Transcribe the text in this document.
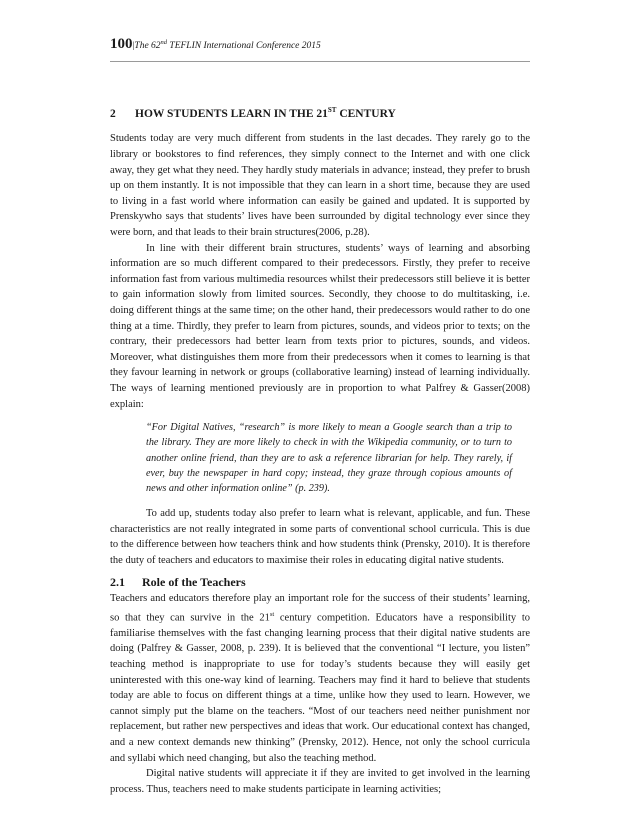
100|The 62nd TEFLIN International Conference 2015
2 HOW STUDENTS LEARN IN THE 21ST CENTURY

Students today are very much different from students in the last decades. They rarely go to the library or bookstores to find references, they simply connect to the Internet and with one click away, they get what they need. They hardly study materials in advance; instead, they prefer to brush up on them instantly. It is not impossible that they can learn in a short time, because they are used to living in a fast world where information can easily be gained and updated. It is supported by Prenskywho says that students’ lives have been surrounded by digital technology ever since they were born, and that leads to their brain structures(2006, p.28).

In line with their different brain structures, students’ ways of learning and absorbing information are so much different compared to their predecessors. Firstly, they prefer to receive information fast from various multimedia resources whilst their predecessors still believe it is better to gain information slowly from limited sources. Secondly, they choose to do multitasking, i.e. doing different things at the same time; on the other hand, their predecessors would rather to do one thing at a time. Thirdly, they prefer to learn from pictures, sounds, and videos prior to texts; on the contrary, their predecessors had better learn from texts prior to pictures, sounds, and videos. Moreover, what distinguishes them more from their predecessors when it comes to learning is that they favour learning in network or groups (collaborative learning) instead of learning individually. The ways of learning mentioned previously are in proportion to what Palfrey & Gasser(2008) explain:

“For Digital Natives, “research” is more likely to mean a Google search than a trip to the library. They are more likely to check in with the Wikipedia community, or to turn to another online friend, than they are to ask a reference librarian for help. They rarely, if ever, buy the newspaper in hard copy; instead, they graze through copious amounts of news and other information online” (p. 239).

To add up, students today also prefer to learn what is relevant, applicable, and fun. These characteristics are not really integrated in some parts of conventional school curricula. This is due to the difference between how teachers think and how students think (Prensky, 2010). It is therefore the duty of teachers and educators to maximise their roles in educating digital native students.

2.1 Role of the Teachers

Teachers and educators therefore play an important role for the success of their students’ learning, so that they can survive in the 21st century competition. Educators have a responsibility to familiarise themselves with the fast changing learning process that their digital native students are doing (Palfrey & Gasser, 2008, p. 239). It is believed that the conventional “I lecture, you listen” teaching method is inappropriate to use for today’s students because they will easily get uninterested with this one-way kind of learning. Teachers may find it hard to believe that students today are able to focus on different things at a time, unlike how they used to learn. However, we cannot simply put the blame on the teachers. “Most of our teachers need neither punishment nor replacement, but rather new perspectives and ideas that work. Our educational context has changed, and a new context demands new thinking” (Prensky, 2012). Hence, not only the school curricula and syllabi which need changing, but also the teaching method.

Digital native students will appreciate it if they are invited to get involved in the learning process. Thus, teachers need to make students participate in learning activities;
